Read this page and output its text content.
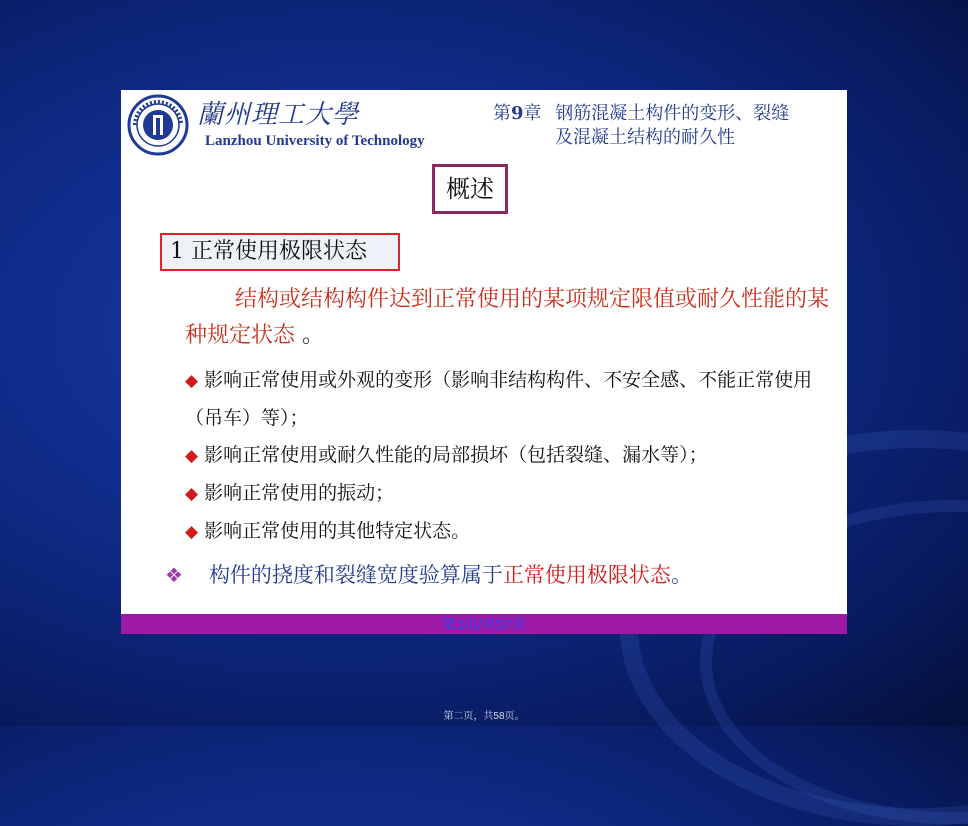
蘭州理工大學
Lanzhou University of Technology
第9章 钢筋混凝土构件的变形、裂缝
及混凝土结构的耐久性
概述
1 正常使用极限状态
结构或结构构件达到正常使用的某项规定限值或耐久性能的某种规定状态 。
◆ 影响正常使用或外观的变形（影响非结构构件、不安全感、不能正常使用（吊车）等）；
◆ 影响正常使用或耐久性能的局部损坏（包括裂缝、漏水等）；
◆ 影响正常使用的振动；
◆ 影响正常使用的其他特定状态。
❖ 构件的挠度和裂缝宽度验算属于正常使用极限状态。
第1页/共57页
第二页，共58页。
